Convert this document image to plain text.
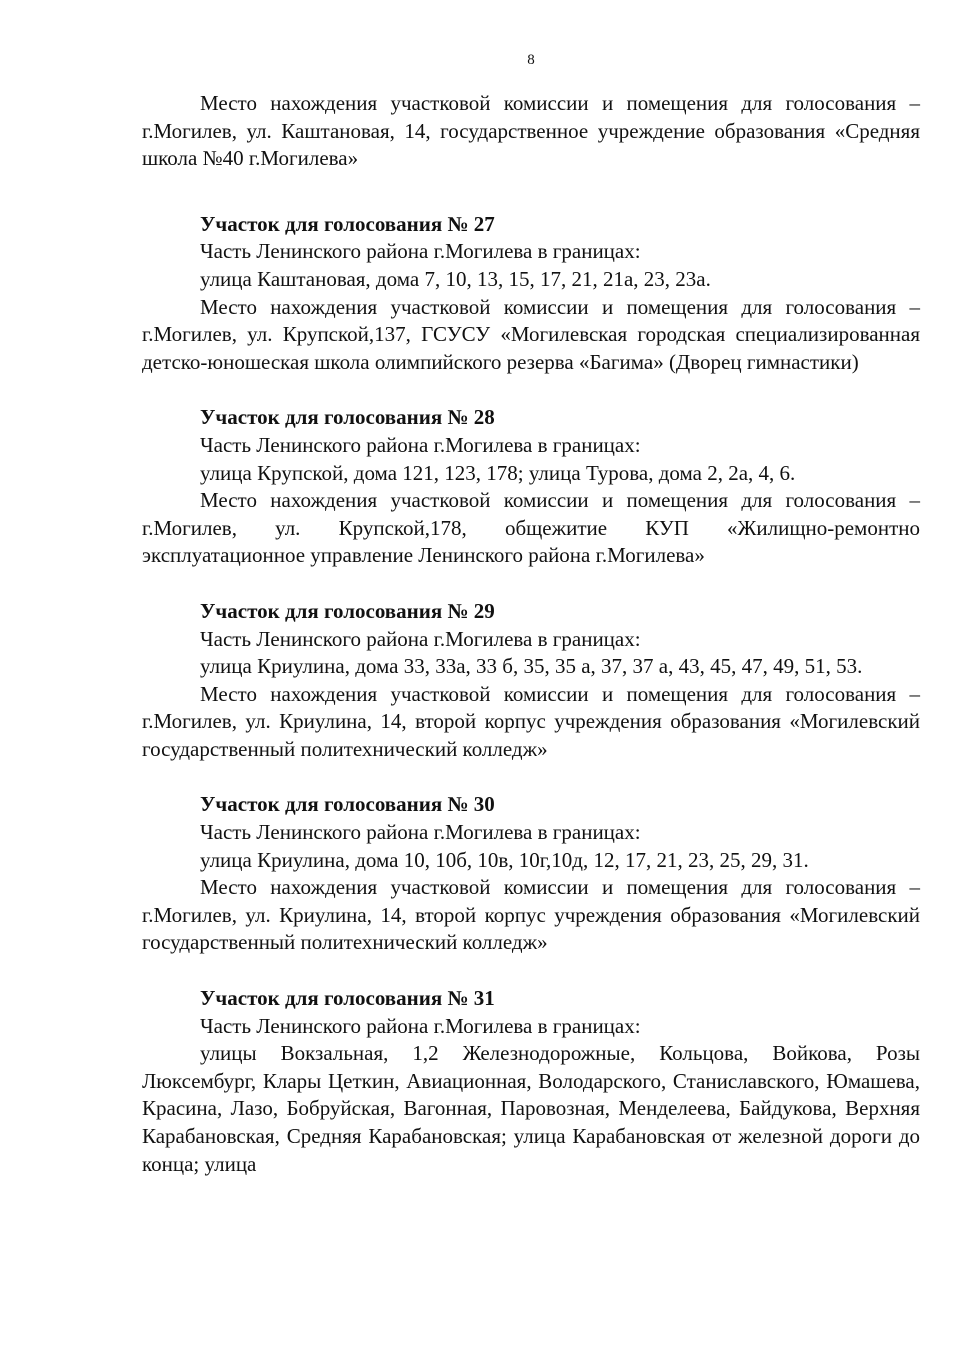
8

Место нахождения участковой комиссии и помещения для голосования – г.Могилев, ул. Каштановая, 14, государственное учреждение образования «Средняя школа №40 г.Могилева»

Участок для голосования № 27

Часть Ленинского района г.Могилева в границах:

улица Каштановая, дома 7, 10, 13, 15, 17, 21, 21а, 23, 23а.

Место нахождения участковой комиссии и помещения для голосования – г.Могилев, ул. Крупской,137, ГСУСУ «Могилевская городская специализированная детско-юношеская школа олимпийского резерва «Багима» (Дворец гимнастики)

Участок для голосования № 28

Часть Ленинского района г.Могилева в границах:

улица Крупской, дома 121, 123, 178; улица Турова, дома 2, 2а, 4, 6.

Место нахождения участковой комиссии и помещения для голосования – г.Могилев, ул. Крупской,178, общежитие КУП «Жилищно-ремонтно эксплуатационное управление Ленинского района г.Могилева»

Участок для голосования № 29

Часть Ленинского района г.Могилева в границах:

улица Криулина, дома 33, 33а, 33 б, 35, 35 а, 37, 37 а, 43, 45, 47, 49, 51, 53.

Место нахождения участковой комиссии и помещения для голосования – г.Могилев, ул. Криулина, 14, второй корпус учреждения образования «Могилевский государственный политехнический колледж»

Участок для голосования № 30

Часть Ленинского района г.Могилева в границах:

улица Криулина, дома 10, 10б, 10в, 10г,10д, 12, 17, 21, 23, 25, 29, 31.

Место нахождения участковой комиссии и помещения для голосования – г.Могилев, ул. Криулина, 14, второй корпус учреждения образования «Могилевский государственный политехнический колледж»

Участок для голосования № 31

Часть Ленинского района г.Могилева в границах:

улицы Вокзальная, 1,2 Железнодорожные, Кольцова, Войкова, Розы Люксембург, Клары Цеткин, Авиационная, Володарского, Станиславского, Юмашева, Красина, Лазо, Бобруйская, Вагонная, Паровозная, Менделеева, Байдукова, Верхняя Карабановская, Средняя Карабановская; улица Карабановская от железной дороги до конца; улица
